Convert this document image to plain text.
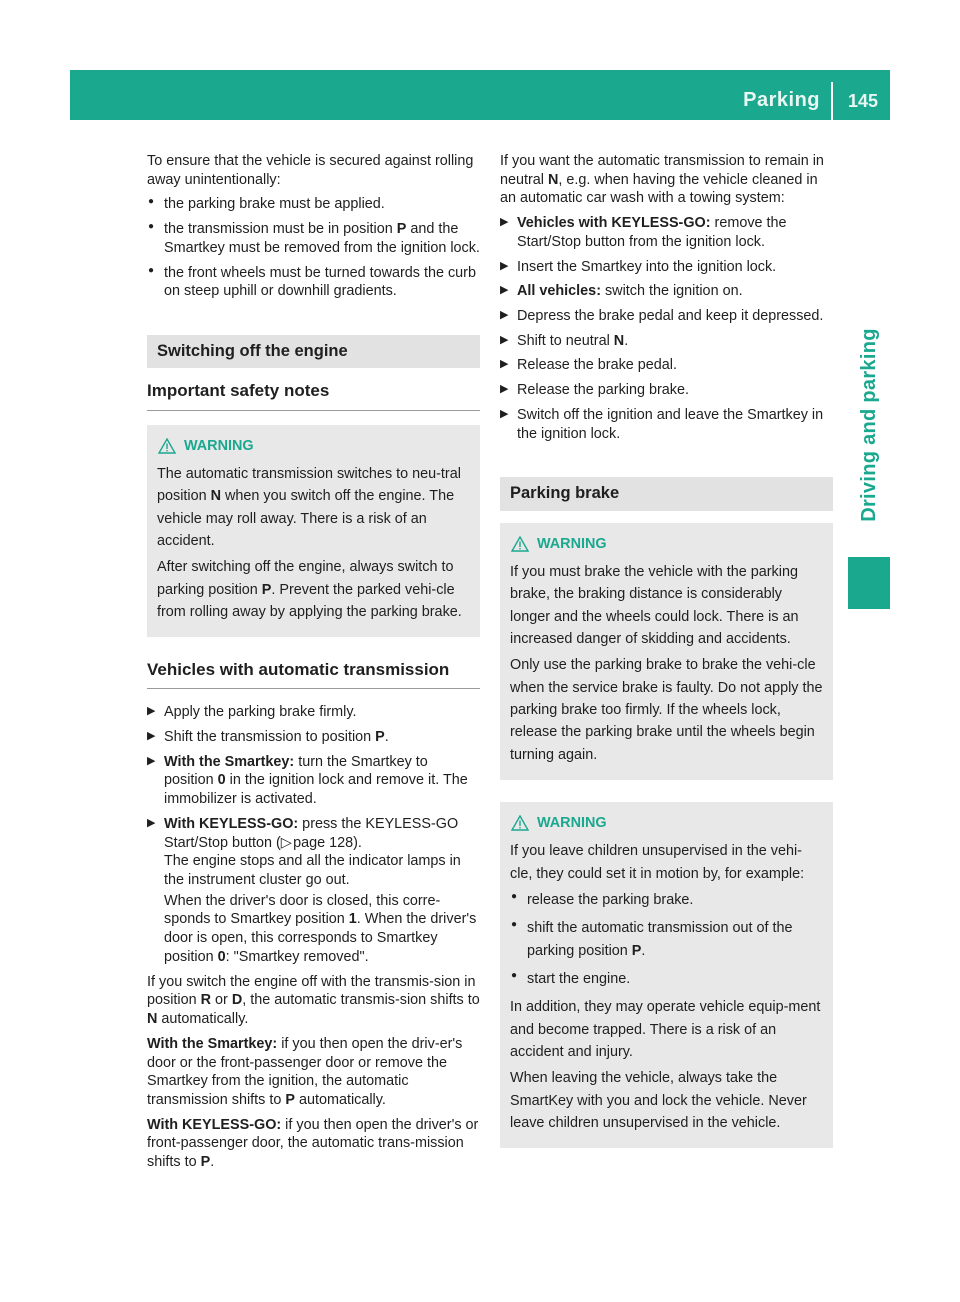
Parking 145
Driving and parking

To ensure that the vehicle is secured against rolling away unintentionally:

● the parking brake must be applied.
● the transmission must be in position P and the Smartkey must be removed from the ignition lock.
● the front wheels must be turned towards the curb on steep uphill or downhill gradients.
Switching off the engine
Important safety notes
WARNING

The automatic transmission switches to neu-tral position N when you switch off the engine. The vehicle may roll away. There is a risk of an accident.

After switching off the engine, always switch to parking position P. Prevent the parked vehi-cle from rolling away by applying the parking brake.

Vehicles with automatic transmission
▶ Apply the parking brake firmly.
▶ Shift the transmission to position P.
▶ With the Smartkey: turn the Smartkey to position 0 in the ignition lock and remove it. The immobilizer is activated.
▶ With KEYLESS-GO: press the KEYLESS-GO Start/Stop button (▷ page 128).
The engine stops and all the indicator lamps in the instrument cluster go out.

When the driver's door is closed, this corre-sponds to Smartkey position 1. When the driver's door is open, this corresponds to Smartkey position 0: "Smartkey removed".

If you switch the engine off with the transmis-sion in position R or D, the automatic transmis-sion shifts to N automatically.

With the Smartkey: if you then open the driv-er's door or the front-passenger door or remove the Smartkey from the ignition, the automatic transmission shifts to P automatically.

With KEYLESS-GO: if you then open the driver's or front-passenger door, the automatic trans-mission shifts to P.

If you want the automatic transmission to remain in neutral N, e.g. when having the vehicle cleaned in an automatic car wash with a towing system:

▶ Vehicles with KEYLESS-GO: remove the Start/Stop button from the ignition lock.
▶ Insert the Smartkey into the ignition lock.
▶ All vehicles: switch the ignition on.
▶ Depress the brake pedal and keep it depressed.
▶ Shift to neutral N.
▶ Release the brake pedal.
▶ Release the parking brake.
▶ Switch off the ignition and leave the Smartkey in the ignition lock.
Parking brake
WARNING

If you must brake the vehicle with the parking brake, the braking distance is considerably longer and the wheels could lock. There is an increased danger of skidding and accidents.

Only use the parking brake to brake the vehi-cle when the service brake is faulty. Do not apply the parking brake too firmly. If the wheels lock, release the parking brake until the wheels begin turning again.

WARNING

If you leave children unsupervised in the vehi-cle, they could set it in motion by, for example:

● release the parking brake.
● shift the automatic transmission out of the parking position P.
● start the engine.

In addition, they may operate vehicle equip-ment and become trapped. There is a risk of an accident and injury.

When leaving the vehicle, always take the SmartKey with you and lock the vehicle. Never leave children unsupervised in the vehicle.
